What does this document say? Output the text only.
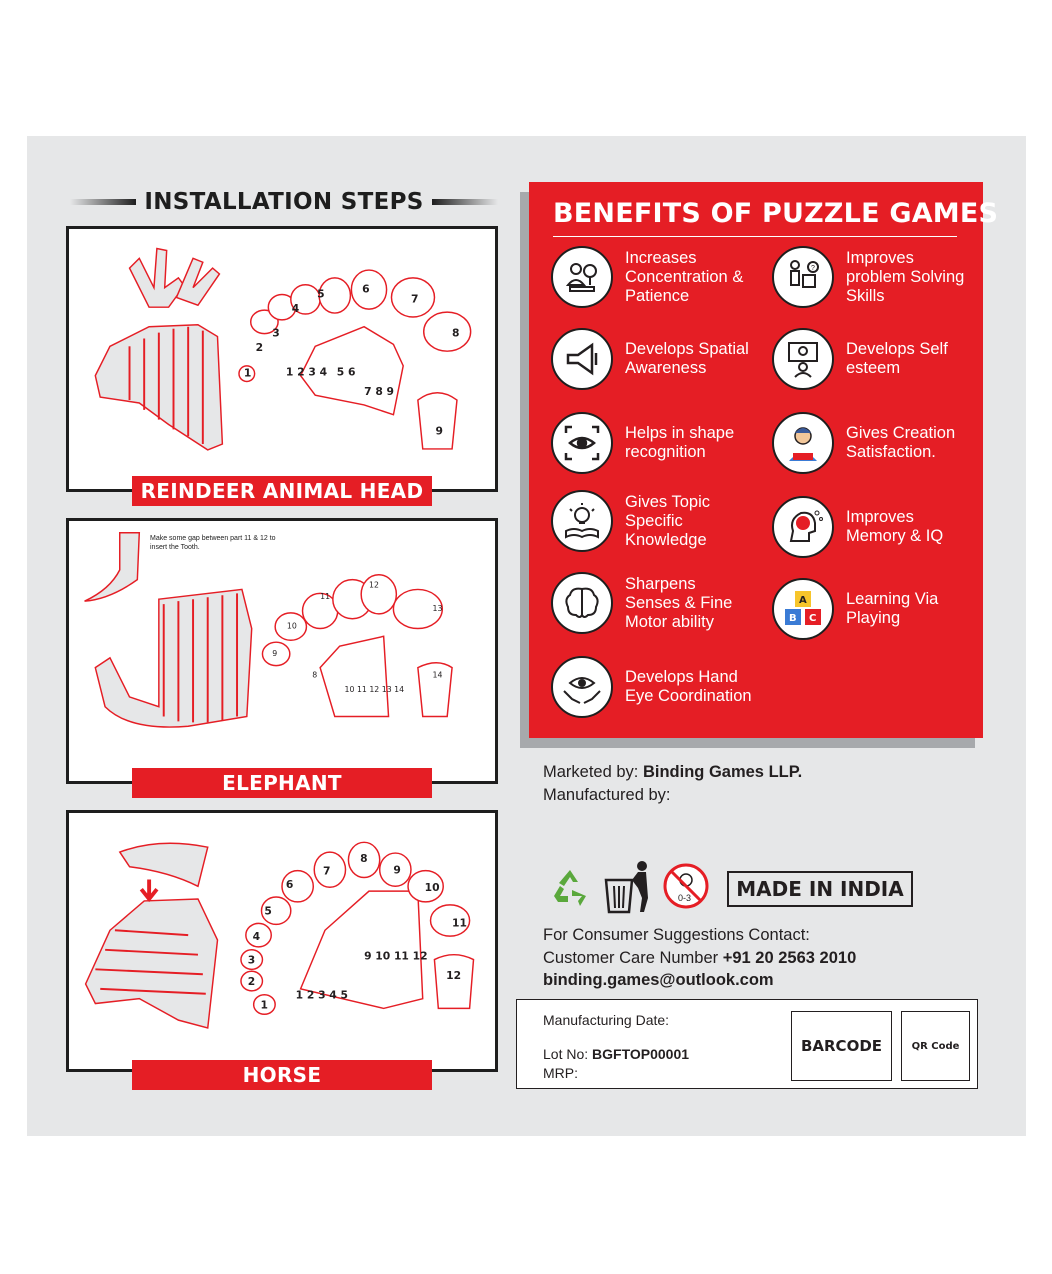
INSTALLATION STEPS
1
2
3
4
5	6
7
8
9
1 2 3 4 5 6
7 8 9
REINDEER ANIMAL HEAD
9
10
11
12
13
14
8
10 11 12 13 14
Make some gap between part 11 & 12 to insert the Tooth.
ELEPHANT
1
2
3
4
5
6
7
8
9
10
11
12
1 2 3 4 5
9 10 11 12
HORSE
BENEFITS OF PUZZLE GAMES
Increases Concentration & Patience
Develops Spatial Awareness
Helps in shape recognition
Gives Topic Specific Knowledge
Sharpens Senses & Fine Motor ability
Develops Hand Eye Coordination
?
Improves problem Solving Skills
Develops Self esteem
Gives Creation Satisfaction.
Improves Memory & IQ
A
B C
Learning Via Playing
Marketed by: Binding Games LLP.
Manufactured by:
0-3	MADE IN INDIA
For Consumer Suggestions Contact:
Customer Care Number +91 20 2563 2010
binding.games@outlook.com
Manufacturing Date:
Lot No: BGFTOP00001
MRP:
BARCODE	QR Code
